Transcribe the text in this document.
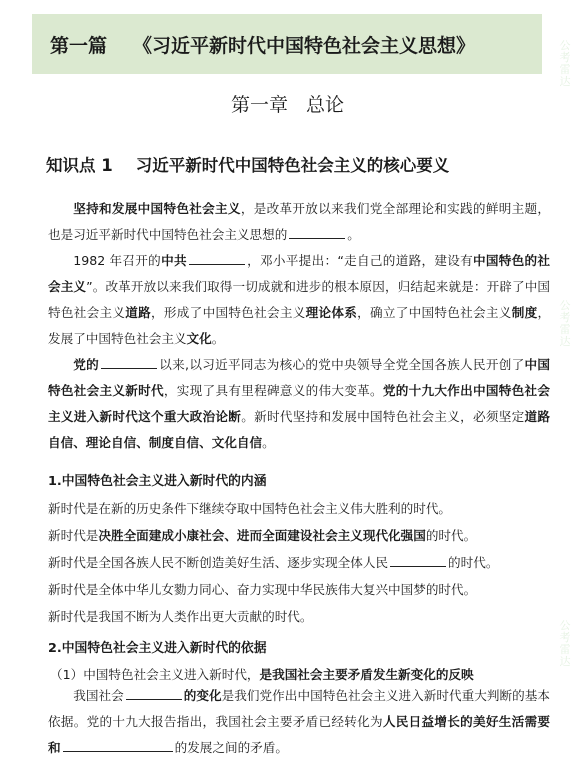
第一篇 《习近平新时代中国特色社会主义思想》
第一章   总论
知识点 1    习近平新时代中国特色社会主义的核心要义
坚持和发展中国特色社会主义，是改革开放以来我们党全部理论和实践的鲜明主题，也是习近平新时代中国特色社会主义思想的	。
1982 年召开的中共	，邓小平提出：“走自己的道路，建设有中国特色的社会主义”。改革开放以来我们取得一切成就和进步的根本原因，归结起来就是：开辟了中国特色社会主义道路，形成了中国特色社会主义理论体系，确立了中国特色社会主义制度，发展了中国特色社会主义文化。
党的	以来,以习近平同志为核心的党中央领导全党全国各族人民开创了中国特色社会主义新时代，实现了具有里程碑意义的伟大变革。党的十九大作出中国特色社会主义进入新时代这个重大政治论断。新时代坚持和发展中国特色社会主义，必须坚定道路自信、理论自信、制度自信、文化自信。
1.中国特色社会主义进入新时代的内涵
新时代是在新的历史条件下继续夺取中国特色社会主义伟大胜利的时代。
新时代是决胜全面建成小康社会、进而全面建设社会主义现代化强国的时代。
新时代是全国各族人民不断创造美好生活、逐步实现全体人民	的时代。
新时代是全体中华儿女勠力同心、奋力实现中华民族伟大复兴中国梦的时代。
新时代是我国不断为人类作出更大贡献的时代。
2.中国特色社会主义进入新时代的依据
（1）中国特色社会主义进入新时代，是我国社会主要矛盾发生新变化的反映
我国社会	的变化是我们党作出中国特色社会主义进入新时代重大判断的基本依据。党的十九大报告指出，我国社会主要矛盾已经转化为人民日益增长的美好生活需要和	的发展之间的矛盾。
公考雷达
公考雷达
公考雷达
